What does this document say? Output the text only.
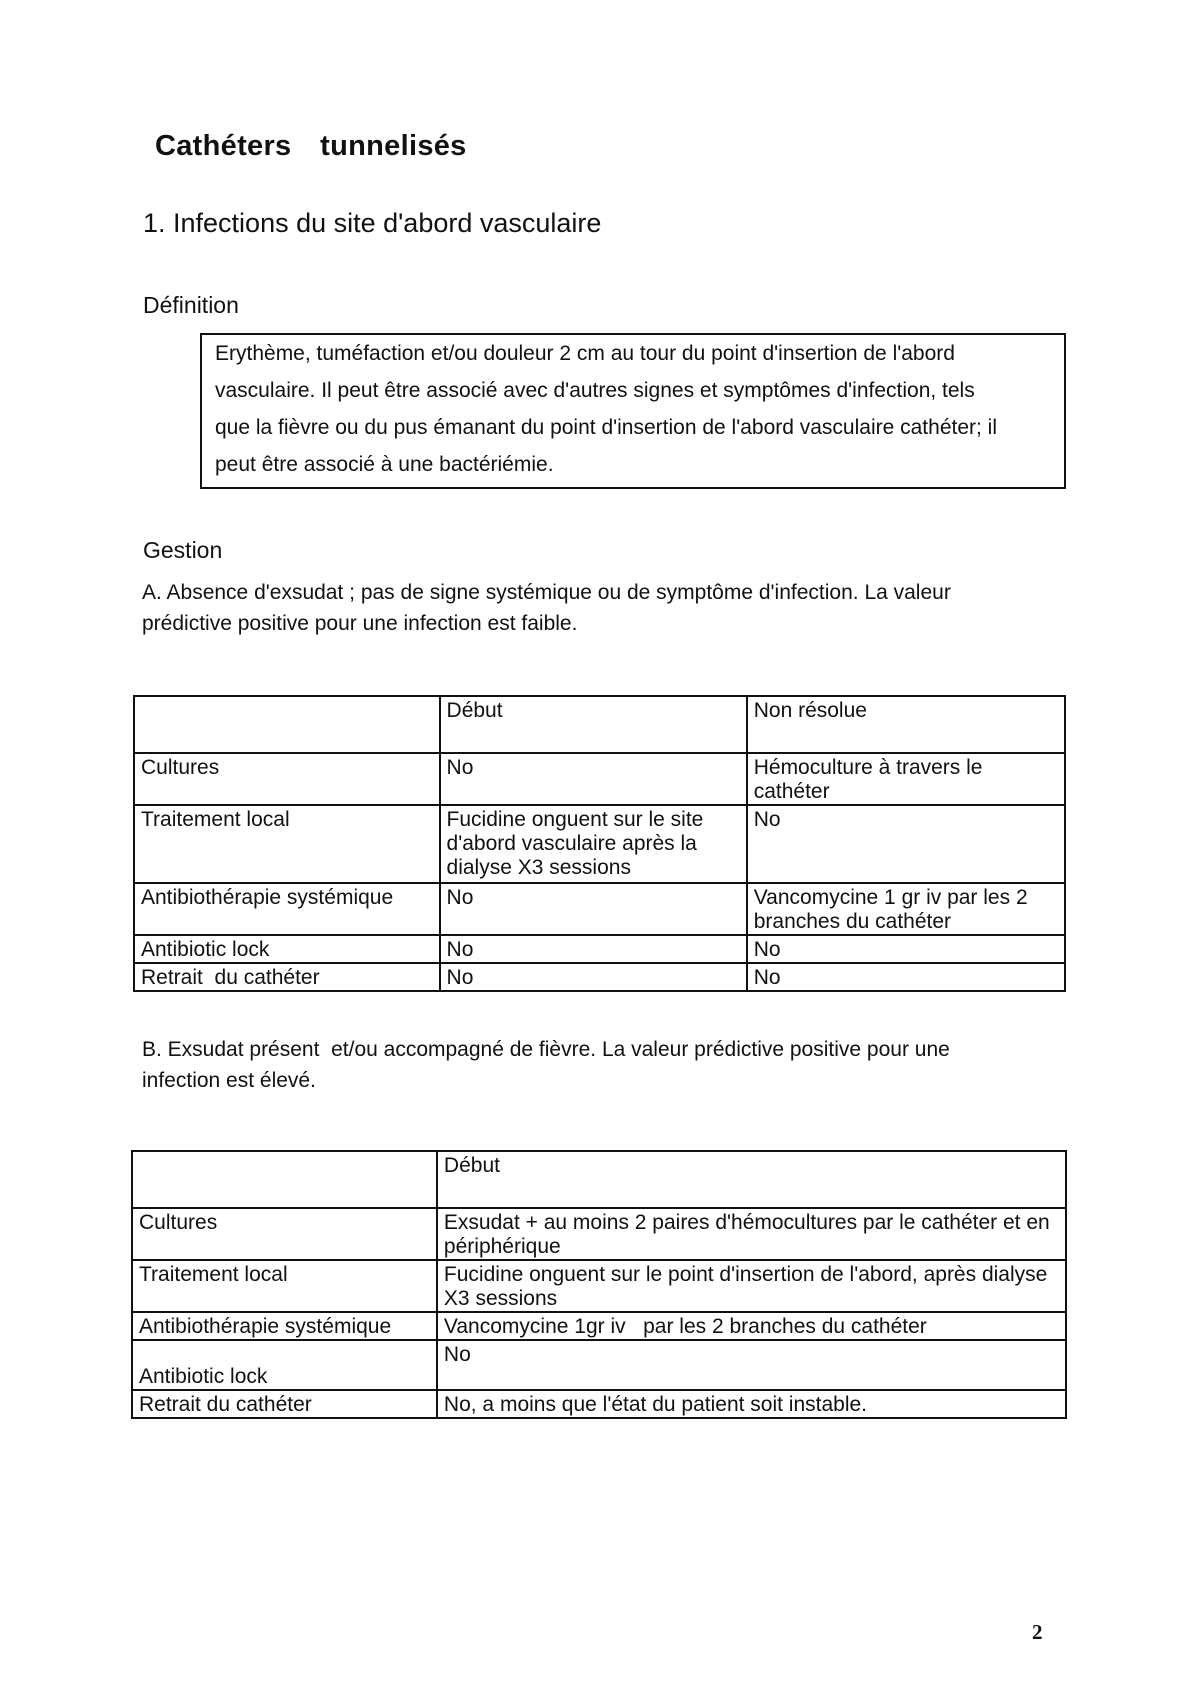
Cathéters  tunnelisés
1. Infections du site d'abord vasculaire
Définition

Erythème, tuméfaction et/ou douleur 2 cm au tour du point d'insertion de l'abord

vasculaire. Il peut être associé avec d'autres signes et symptômes d'infection, tels

que la fièvre ou du pus émanant du point d'insertion de l'abord vasculaire cathéter; il

peut être associé à une bactériémie.

Gestion

A. Absence d'exsudat ; pas de signe systémique ou de symptôme d'infection. La valeur

prédictive positive pour une infection est faible.

	Début	Non résolue
Cultures	No	Hémoculture à travers le cathéter
Traitement local	Fucidine onguent sur le site d'abord vasculaire après la dialyse X3 sessions	No
Antibiothérapie systémique	No	Vancomycine 1 gr iv par les 2 branches du cathéter
Antibiotic lock	No	No
Retrait  du cathéter	No	No

B. Exsudat présent  et/ou accompagné de fièvre. La valeur prédictive positive pour une

infection est élevé.

	Début
Cultures	Exsudat + au moins 2 paires d'hémocultures par le cathéter et en périphérique
Traitement local	Fucidine onguent sur le point d'insertion de l'abord, après dialyse X3 sessions
Antibiothérapie systémique	Vancomycine 1gr iv   par les 2 branches du cathéter
Antibiotic lock	No
Retrait du cathéter	No, a moins que l'état du patient soit instable.
2
